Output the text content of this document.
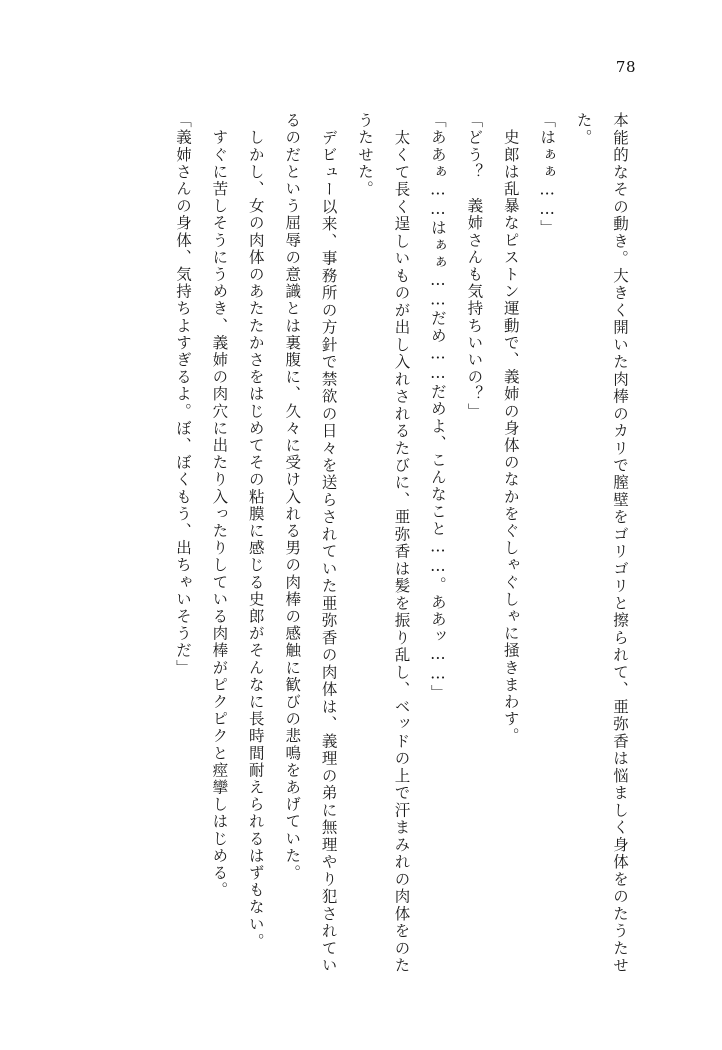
78

本能的なその動き。大きく開いた肉棒のカリで膣壁をゴリゴリと擦られて、亜弥香は悩ましく身体をのたうたせた。

「はぁぁ……」

　史郎は乱暴なピストン運動で、義姉の身体のなかをぐしゃぐしゃに掻きまわす。

「どう？　義姉さんも気持ちいいの？」

「ああぁ……はぁぁ……だめ……だめよ、こんなこと……。ああッ……」

　太くて長く逞しいものが出し入れされるたびに、亜弥香は髪を振り乱し、ベッドの上で汗まみれの肉体をのたうたせた。

　デビュー以来、事務所の方針で禁欲の日々を送らされていた亜弥香の肉体は、義理の弟に無理やり犯されているのだという屈辱の意識とは裏腹に、久々に受け入れる男の肉棒の感触に歓びの悲鳴をあげていた。

　しかし、女の肉体のあたたかさをはじめてその粘膜に感じる史郎がそんなに長時間耐えられるはずもない。

　すぐに苦しそうにうめき、義姉の肉穴に出たり入ったりしている肉棒がピクピクと痙攣しはじめる。

「義姉さんの身体、気持ちよすぎるよ。ぼ、ぼくもう、出ちゃいそうだ」
